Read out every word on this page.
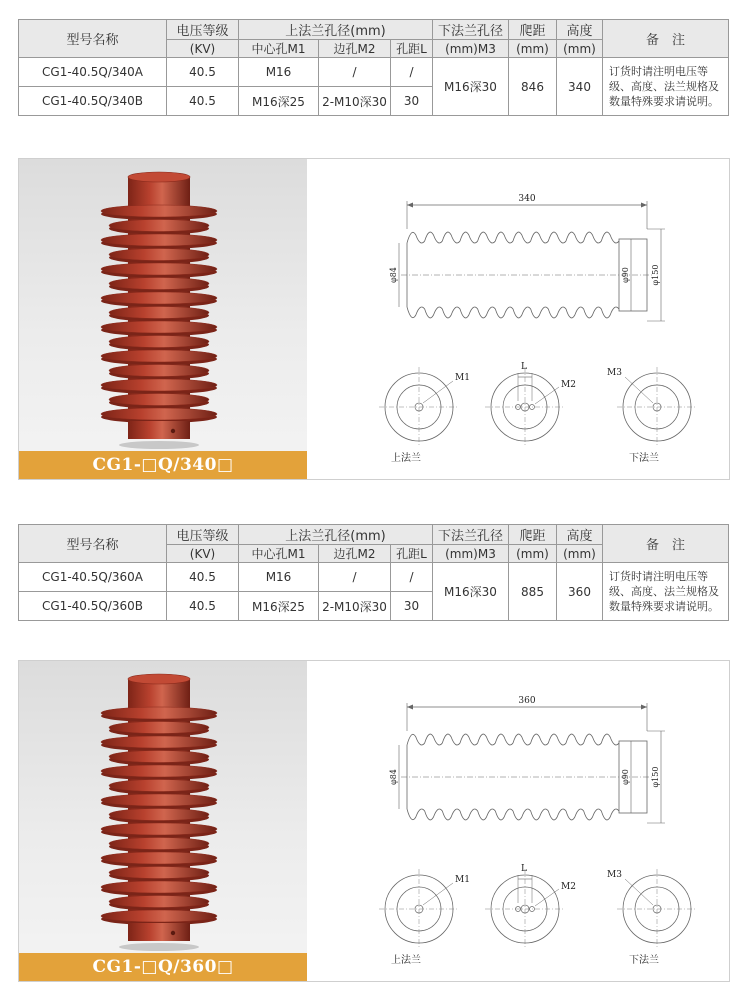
型号名称	电压等级	上法兰孔径(mm)			下法兰孔径	爬距	高度	备　注
	(KV)	中心孔M1	边孔M2	孔距L	(mm)M3	(mm)	(mm)	
CG1-40.5Q/340A	40.5	M16	/	/	M16深30	846	340	订货时请注明电压等级、高度、法兰规格及数量特殊要求请说明。
CG1-40.5Q/340B	40.5	M16深25	2-M10深30	30				
CG1-□Q/340□
340
φ84	φ90	φ150
L
M1
M2
M3
上法兰	下法兰
型号名称	电压等级	上法兰孔径(mm)			下法兰孔径	爬距	高度	备　注
	(KV)	中心孔M1	边孔M2	孔距L	(mm)M3	(mm)	(mm)	
CG1-40.5Q/360A	40.5	M16	/	/	M16深30	885	360	订货时请注明电压等级、高度、法兰规格及数量特殊要求请说明。
CG1-40.5Q/360B	40.5	M16深25	2-M10深30	30				
CG1-□Q/360□
360
φ84	φ90	φ150
L
M1
M2
M3
上法兰	下法兰
